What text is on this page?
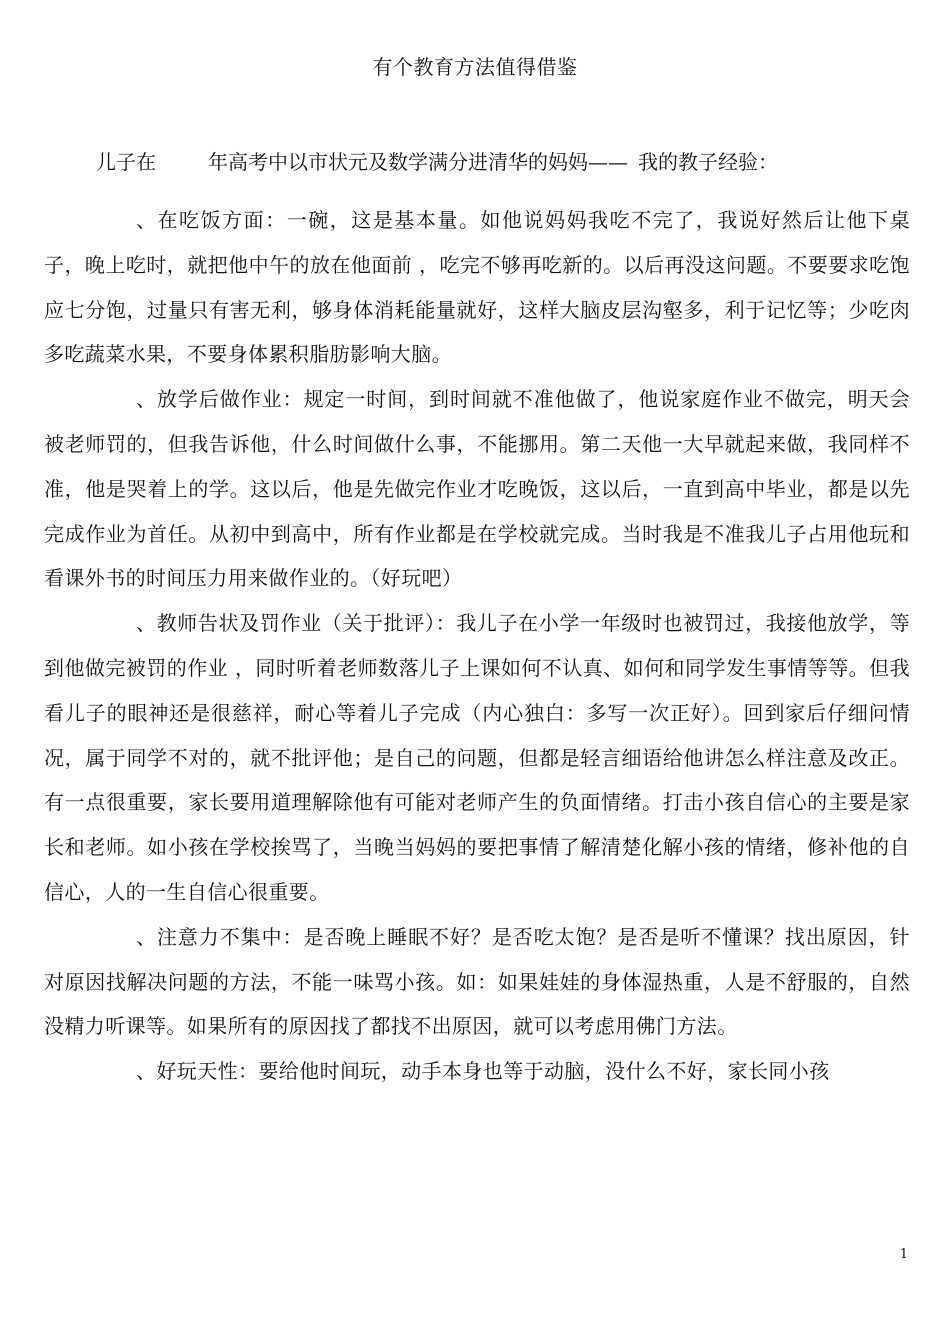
有个教育方法值得借鉴
儿子在	年高考中以市状元及数学满分进清华的妈妈—— 我的教子经验：

、在吃饭方面：一碗，这是基本量。如他说妈妈我吃不完了，我说好然后让他下桌子，晚上吃时，就把他中午的放在他面前 ，吃完不够再吃新的。以后再没这问题。不要要求吃饱应七分饱，过量只有害无利，够身体消耗能量就好，这样大脑皮层沟壑多，利于记忆等；少吃肉多吃蔬菜水果，不要身体累积脂肪影响大脑。

、放学后做作业：规定一时间，到时间就不准他做了，他说家庭作业不做完，明天会被老师罚的，但我告诉他，什么时间做什么事，不能挪用。第二天他一大早就起来做，我同样不准，他是哭着上的学。这以后，他是先做完作业才吃晚饭，这以后，一直到高中毕业，都是以先完成作业为首任。从初中到高中，所有作业都是在学校就完成。当时我是不准我儿子占用他玩和看课外书的时间压力用来做作业的。（好玩吧）

、教师告状及罚作业（关于批评）：我儿子在小学一年级时也被罚过，我接他放学，等到他做完被罚的作业 ，同时听着老师数落儿子上课如何不认真、如何和同学发生事情等等。但我看儿子的眼神还是很慈祥，耐心等着儿子完成（内心独白：多写一次正好）。回到家后仔细问情况，属于同学不对的，就不批评他；是自己的问题，但都是轻言细语给他讲怎么样注意及改正。有一点很重要，家长要用道理解除他有可能对老师产生的负面情绪。打击小孩自信心的主要是家长和老师。如小孩在学校挨骂了，当晚当妈妈的要把事情了解清楚化解小孩的情绪，修补他的自信心，人的一生自信心很重要。

、注意力不集中：是否晚上睡眠不好？是否吃太饱？是否是听不懂课？找出原因，针对原因找解决问题的方法，不能一味骂小孩。如：如果娃娃的身体湿热重，人是不舒服的，自然没精力听课等。如果所有的原因找了都找不出原因，就可以考虑用佛门方法。

、好玩天性：要给他时间玩，动手本身也等于动脑，没什么不好，家长同小孩

1
